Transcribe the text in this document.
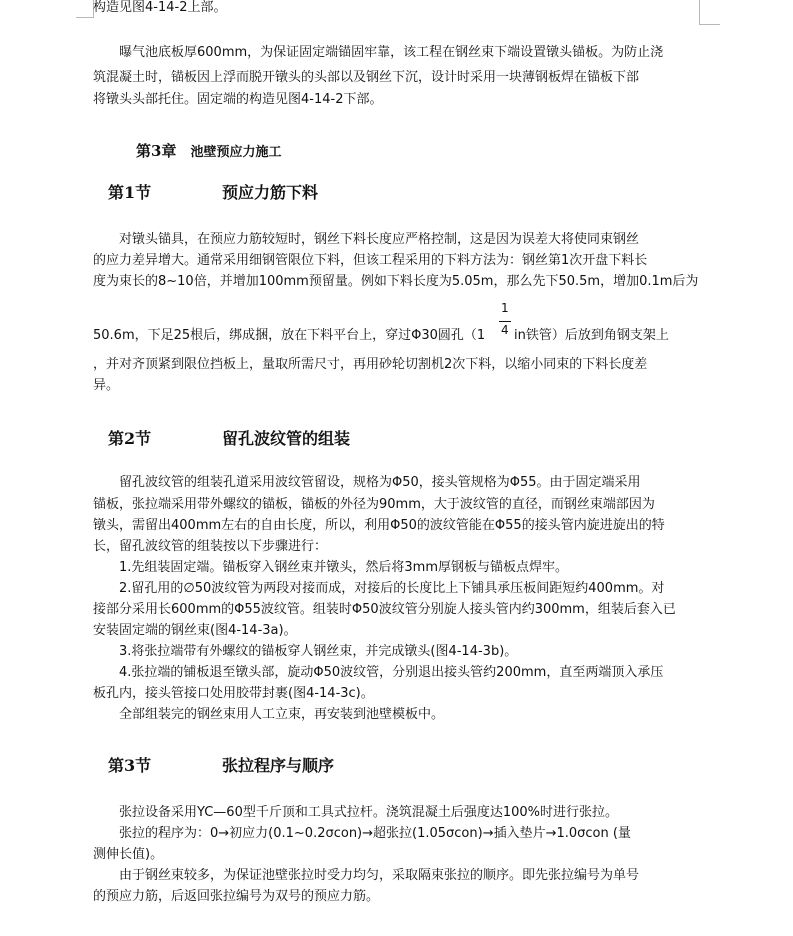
构造见图4-14-2上部。
曝气池底板厚600mm，为保证固定端锚固牢靠，该工程在钢丝束下端设置镦头锚板。为防止浇
筑混凝土时，锚板因上浮而脱开镦头的头部以及钢丝下沉，设计时采用一块薄钢板焊在锚板下部
将镦头头部托住。固定端的构造见图4-14-2下部。
第3章 池壁预应力施工
第1节	预应力筋下料
对镦头锚具，在预应力筋较短时，钢丝下料长度应严格控制，这是因为误差大将使同束钢丝
的应力差异增大。通常采用细钢管限位下料，但该工程采用的下料方法为：钢丝第1次开盘下料长
度为束长的8~10倍，并增加100mm预留量。例如下料长度为5.05m，那么先下50.5m，增加0.1m后为
50.6m，下足25根后，绑成捆，放在下料平台上，穿过Φ30圆孔（1
1
4 in铁管）后放到角钢支架上
，并对齐顶紧到限位挡板上，量取所需尺寸，再用砂轮切割机2次下料，以缩小同束的下料长度差
异。
第2节	留孔波纹管的组装
留孔波纹管的组装孔道采用波纹管留设，规格为Φ50，接头管规格为Φ55。由于固定端采用
锚板，张拉端采用带外螺纹的锚板，锚板的外径为90mm，大于波纹管的直径，而钢丝束端部因为
镦头，需留出400mm左右的自由长度，所以，利用Φ50的波纹管能在Φ55的接头管内旋进旋出的特
长，留孔波纹管的组装按以下步骤进行：
1.先组装固定端。锚板穿入钢丝束并镦头，然后将3mm厚钢板与锚板点焊牢。
2.留孔用的∅50波纹管为两段对接而成，对接后的长度比上下铺具承压板间距短约400mm。对
接部分采用长600mm的Φ55波纹管。组装时Φ50波纹管分别旋人接头管内约300mm，组装后套入已
安装固定端的钢丝束(图4-14-3a)。
3.将张拉端带有外螺纹的锚板穿人钢丝束，并完成镦头(图4-14-3b)。
4.张拉端的铺板退至镦头部，旋动Φ50波纹管，分别退出接头管约200mm，直至两端顶入承压
板孔内，接头管接口处用胶带封裹(图4-14-3c)。
全部组装完的钢丝束用人工立束，再安装到池壁模板中。
第3节	张拉程序与顺序
张拉设备采用YC—60型千斤顶和工具式拉杆。浇筑混凝土后强度达100%时进行张拉。
张拉的程序为：0→初应力(0.1~0.2σcon)→超张拉(1.05σcon)→插入垫片→1.0σcon (量
测伸长值)。
由于钢丝束较多，为保证池壁张拉时受力均匀，采取隔束张拉的顺序。即先张拉编号为单号
的预应力筋，后返回张拉编号为双号的预应力筋。
